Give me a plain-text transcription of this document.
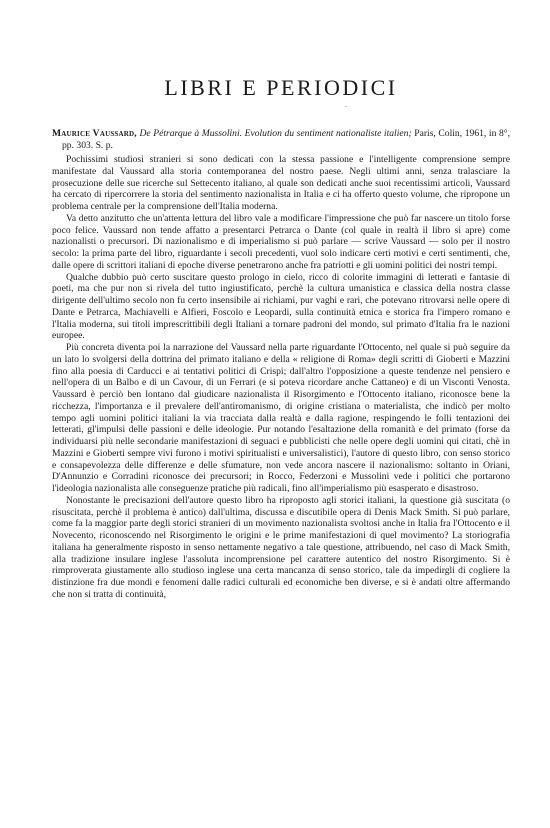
LIBRI E PERIODICI
-

Maurice Vaussard, De Pétrarque à Mussolini. Evolution du sentiment nationaliste italien; Paris, Colin, 1961, in 8°, pp. 303. S. p.

Pochissimi studiosi stranieri si sono dedicati con la stessa passione e l'intelligente comprensione sempre manifestate dal Vaussard alla storia contemporanea del nostro paese. Negli ultimi anni, senza tralasciare la prosecuzione delle sue ricerche sul Settecento italiano, al quale son dedicati anche suoi recentissimi articoli, Vaussard ha cercato di ripercorrere la storia del sentimento nazionalista in Italia e ci ha offerto questo volume, che ripropone un problema centrale per la comprensione dell'Italia moderna.

Va detto anzitutto che un'attenta lettura del libro vale a modificare l'impressione che può far nascere un titolo forse poco felice. Vaussard non tende affatto a presentarci Petrarca o Dante (col quale in realtà il libro si apre) come nazionalisti o precursori. Di nazionalismo e di imperialismo si può parlare — scrive Vaussard — solo per il nostro secolo: la prima parte del libro, riguardante i secoli precedenti, vuol solo indicare certi motivi e certi sentimenti, che, dalle opere di scrittori italiani di epoche diverse penetrarono anche fra patriotti e gli uomini politici dei nostri tempi.

Qualche dubbio può certo suscitare questo prologo in cielo, ricco di colorite immagini di letterati e fantasie di poeti, ma che pur non si rivela del tutto ingiustificato, perchè la cultura umanistica e classica della nostra classe dirigente dell'ultimo secolo non fu certo insensibile ai richiami, pur vaghi e rari, che potevano ritrovarsi nelle opere di Dante e Petrarca, Machiavelli e Alfieri, Foscolo e Leopardi, sulla continuità etnica e storica fra l'impero romano e l'Italia moderna, sui titoli imprescrittibili degli Italiani a tornare padroni del mondo, sul primato d'Italia fra le nazioni europee.

Più concreta diventa poi la narrazione del Vaussard nella parte riguardante l'Ottocento, nel quale si può seguire da un lato lo svolgersi della dottrina del primato italiano e della « religione di Roma» degli scritti di Gioberti e Mazzini fino alla poesia di Carducci e ai tentativi politici di Crispi; dall'altro l'opposizione a queste tendenze nel pensiero e nell'opera di un Balbo e di un Cavour, di un Ferrari (e si poteva ricordare anche Cattaneo) e di un Visconti Venosta. Vaussard è perciò ben lontano dal giudicare nazionalista il Risorgimento e l'Ottocento italiano, riconosce bene la ricchezza, l'importanza e il prevalere dell'antiromanismo, di origine cristiana o materialista, che indicò per molto tempo agli uomini politici italiani la via tracciata dalla realtà e dalla ragione, respingendo le folli tentazioni dei letterati, gl'impulsi delle passioni e delle ideologie. Pur notando l'esaltazione della romanità e del primato (forse da individuarsi più nelle secondarie manifestazioni di seguaci e pubblicisti che nelle opere degli uomini qui citati, chè in Mazzini e Gioberti sempre vivi furono i motivi spiritualisti e universalistici), l'autore di questo libro, con senso storico e consapevolezza delle differenze e delle sfumature, non vede ancora nascere il nazionalismo: soltanto in Oriani, D'Annunzio e Corradini riconosce dei precursori; in Rocco, Federzoni e Mussolini vede i politici che portarono l'ideologia nazionalista alle conseguenze pratiche più radicali, fino all'imperialismo più esasperato e disastroso.

Nonostante le precisazioni dell'autore questo libro ha riproposto agli storici italiani, la questione già suscitata (o risuscitata, perchè il problema è antico) dall'ultima, discussa e discutibile opera di Denis Mack Smith. Si può parlare, come fa la maggior parte degli storici stranieri di un movimento nazionalista svoltosi anche in Italia fra l'Ottocento e il Novecento, riconoscendo nel Risorgimento le origini e le prime manifestazioni di quel movimento? La storiografia italiana ha generalmente risposto in senso nettamente negativo a tale questione, attribuendo, nel caso di Mack Smith, alla tradizione insulare inglese l'assoluta incomprensione pel carattere autentico del nostro Risorgimento. Si è rimproverata giustamente allo studioso inglese una certa mancanza di senso storico, tale da impedirgli di cogliere la distinzione fra due mondi e fenomeni dalle radici culturali ed economiche ben diverse, e si è andati oltre affermando che non si tratta di continuità,
